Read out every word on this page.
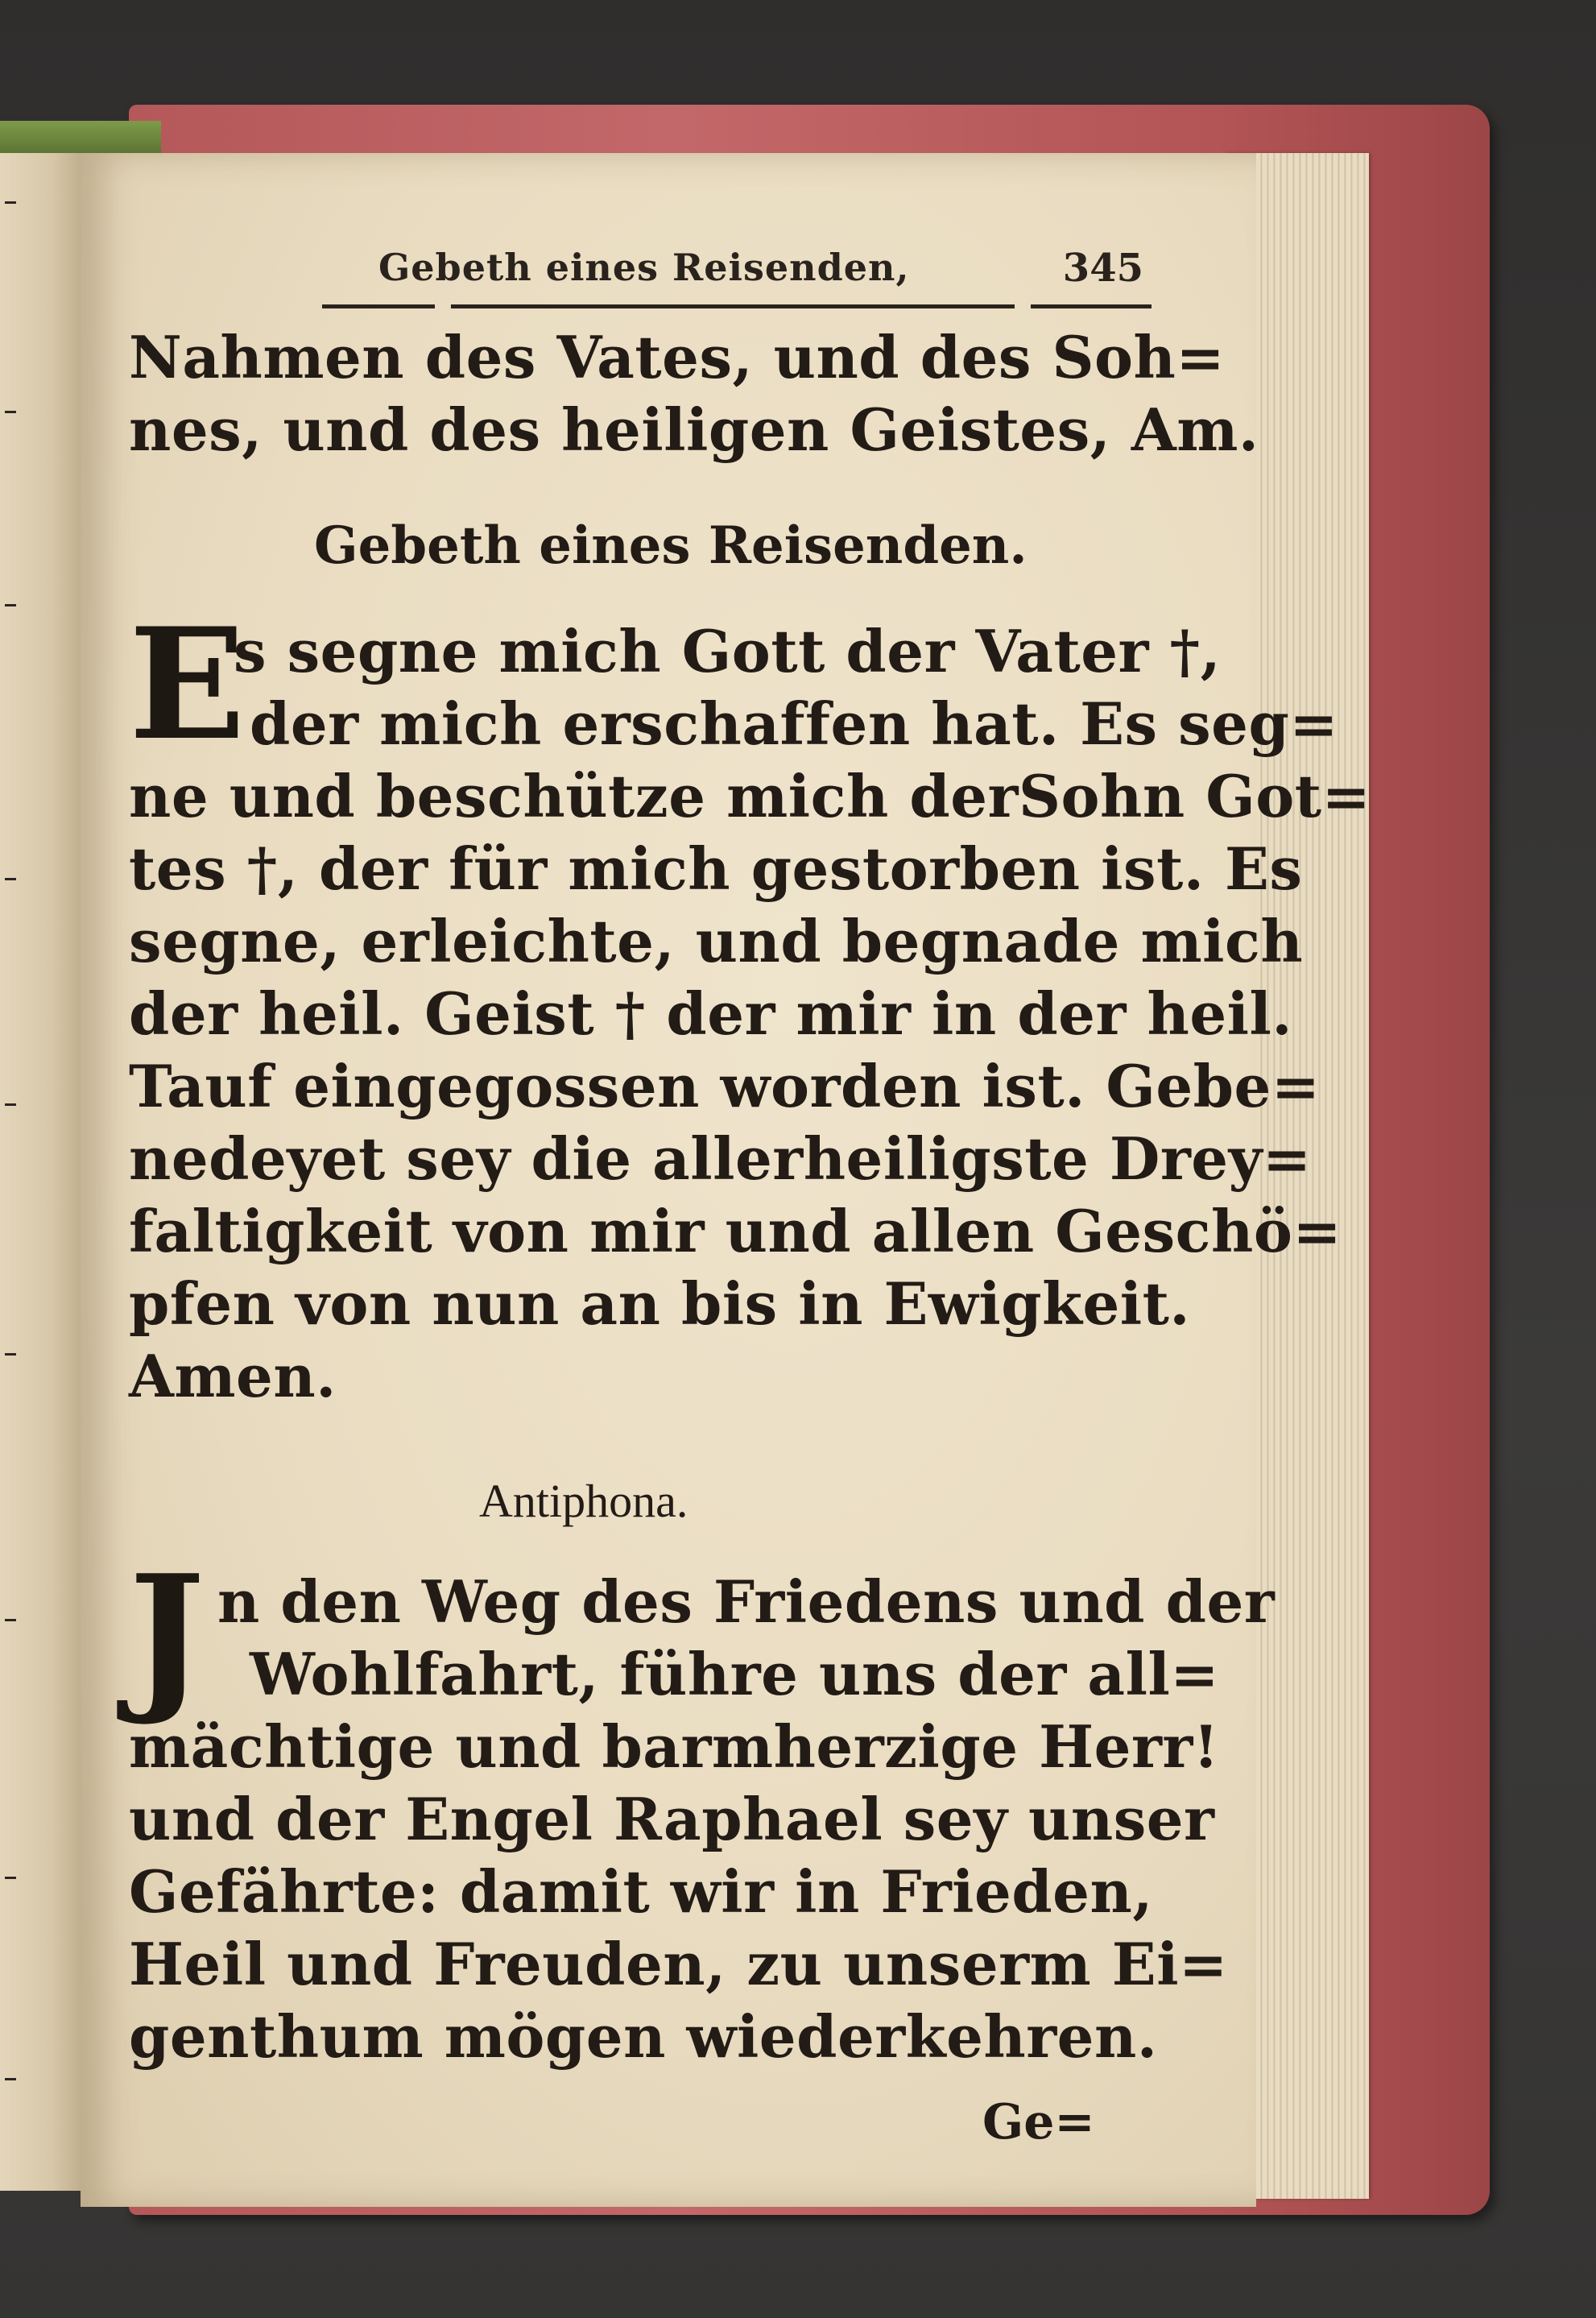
Gebeth eines Reisenden,	345
Nahmen des Vates, und des Soh=
nes, und des heiligen Geistes, Am.
Gebeth eines Reisenden.
E
s segne mich Gott der Vater †,
der mich erschaffen hat. Es seg=
ne und beschütze mich derSohn Got=
tes †, der für mich gestorben ist. Es
segne, erleichte, und begnade mich
der heil. Geist † der mir in der heil.
Tauf eingegossen worden ist. Gebe=
nedeyet sey die allerheiligste Drey=
faltigkeit von mir und allen Geschö=
pfen von nun an bis in Ewigkeit.
Amen.
Antiphona.
J n den Weg des Friedens und der
Wohlfahrt, führe uns der all=
mächtige und barmherzige Herr!
und der Engel Raphael sey unser
Gefährte: damit wir in Frieden,
Heil und Freuden, zu unserm Ei=
genthum mögen wiederkehren.
Ge=
